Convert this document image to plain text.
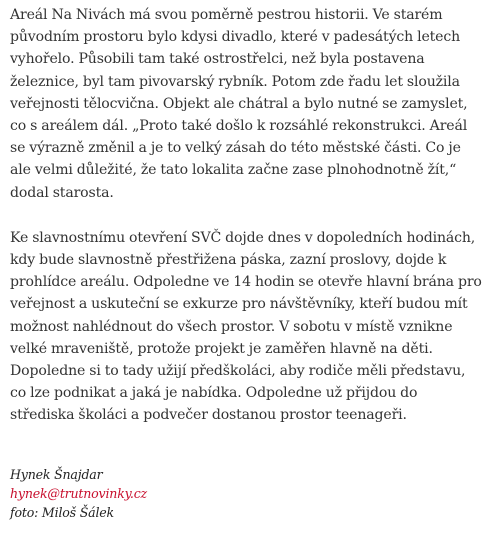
Areál Na Nivách má svou poměrně pestrou historii. Ve starém původním prostoru bylo kdysi divadlo, které v padesátých letech vyhořelo. Působili tam také ostrostřelci, než byla postavena železnice, byl tam pivovarský rybník. Potom zde řadu let sloužila veřejnosti tělocvična. Objekt ale chátral a bylo nutné se zamyslet, co s areálem dál. „Proto také došlo k rozsáhlé rekonstrukci. Areál se výrazně změnil a je to velký zásah do této městské části. Co je ale velmi důležité, že tato lokalita začne zase plnohodnotně žít,“ dodal starosta.

Ke slavnostnímu otevření SVČ dojde dnes v dopoledních hodinách, kdy bude slavnostně přestřižena páska, zazní proslovy, dojde k prohlídce areálu. Odpoledne ve 14 hodin se otevře hlavní brána pro veřejnost a uskuteční se exkurze pro návštěvníky, kteří budou mít možnost nahlédnout do všech prostor. V sobotu v místě vznikne velké mraveniště, protože projekt je zaměřen hlavně na děti. Dopoledne si to tady užijí předškoláci, aby rodiče měli představu, co lze podnikat a jaká je nabídka. Odpoledne už přijdou do střediska školáci a podvečer dostanou prostor teenageři.

Hynek Šnajdar
hynek@trutnovinky.cz
foto: Miloš Šálek
